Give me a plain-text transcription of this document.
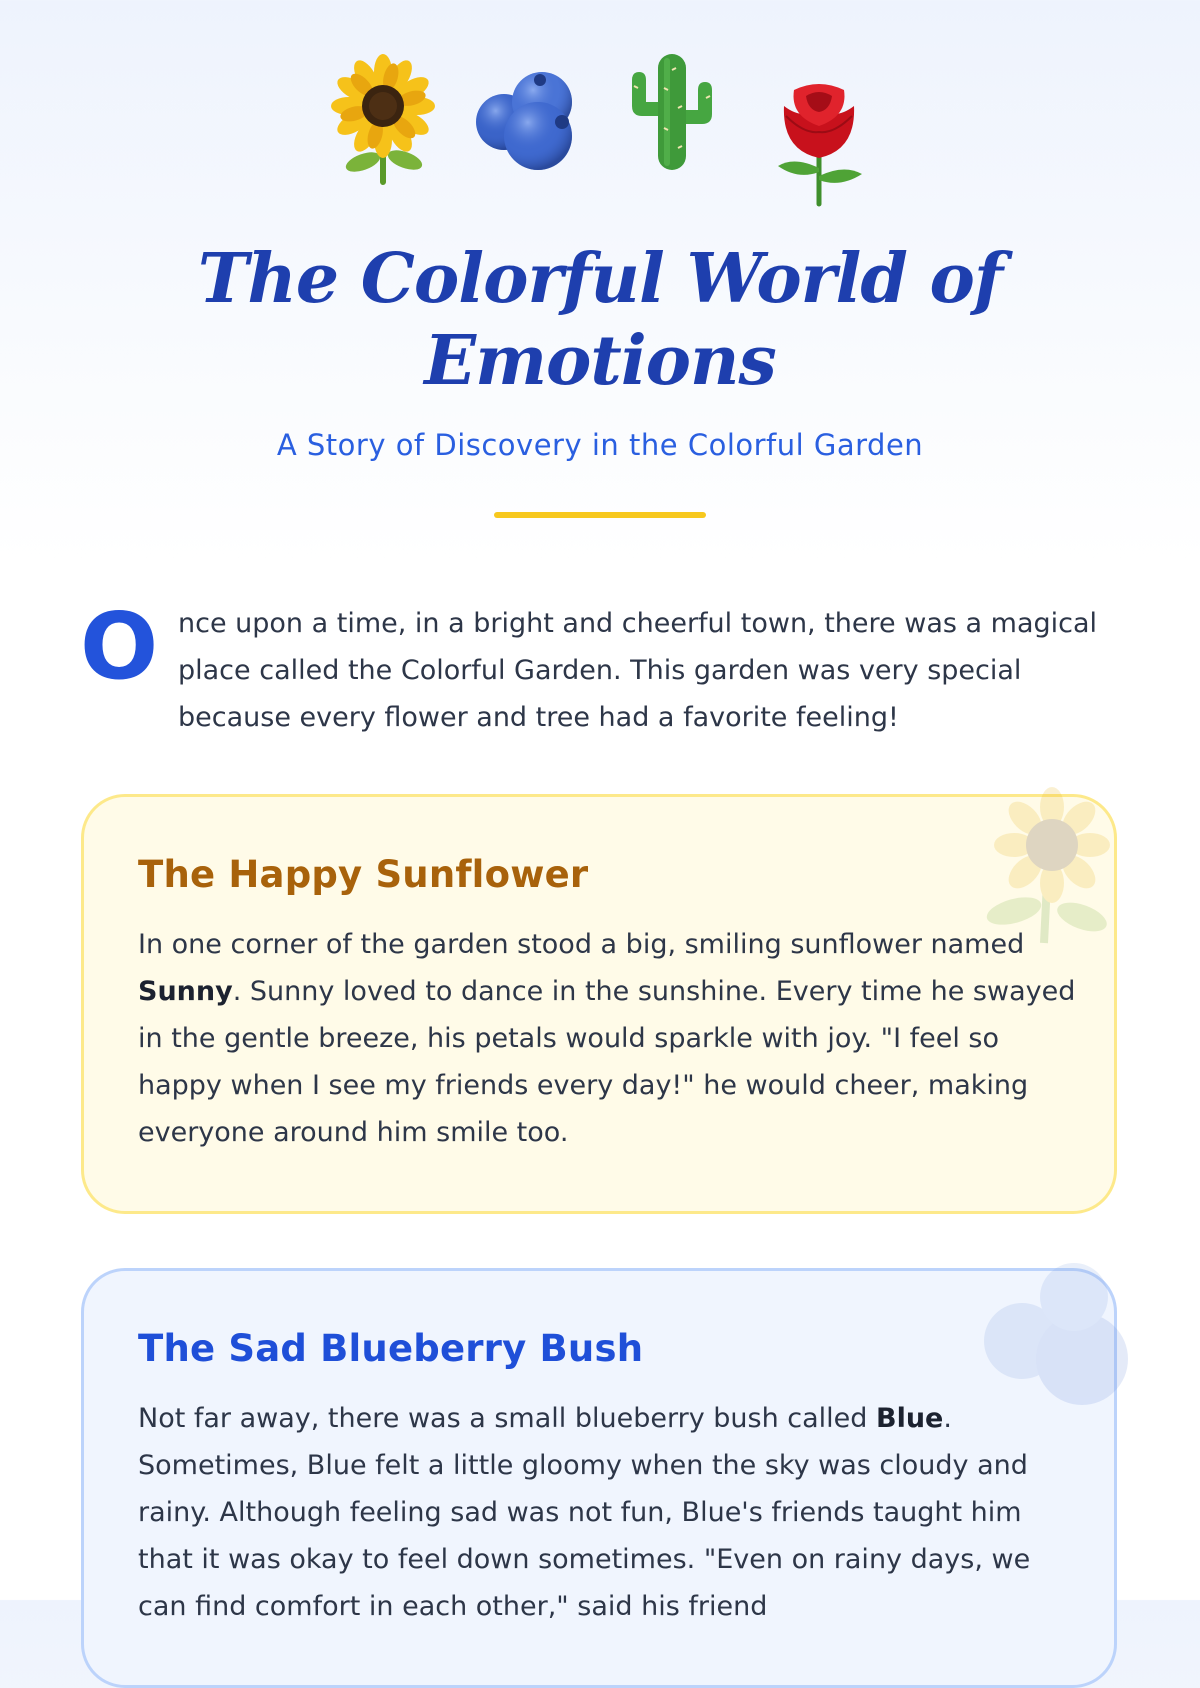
The Colorful World of Emotions
A Story of Discovery in the Colorful Garden
O nce upon a time, in a bright and cheerful town, there was a magical place called the Colorful Garden. This garden was very special because every flower and tree had a favorite feeling!

The Happy Sunflower

In one corner of the garden stood a big, smiling sunflower named Sunny. Sunny loved to dance in the sunshine. Every time he swayed in the gentle breeze, his petals would sparkle with joy. "I feel so happy when I see my friends every day!" he would cheer, making everyone around him smile too.

The Sad Blueberry Bush

Not far away, there was a small blueberry bush called Blue. Sometimes, Blue felt a little gloomy when the sky was cloudy and rainy. Although feeling sad was not fun, Blue's friends taught him that it was okay to feel down sometimes. "Even on rainy days, we can find comfort in each other," said his friend
